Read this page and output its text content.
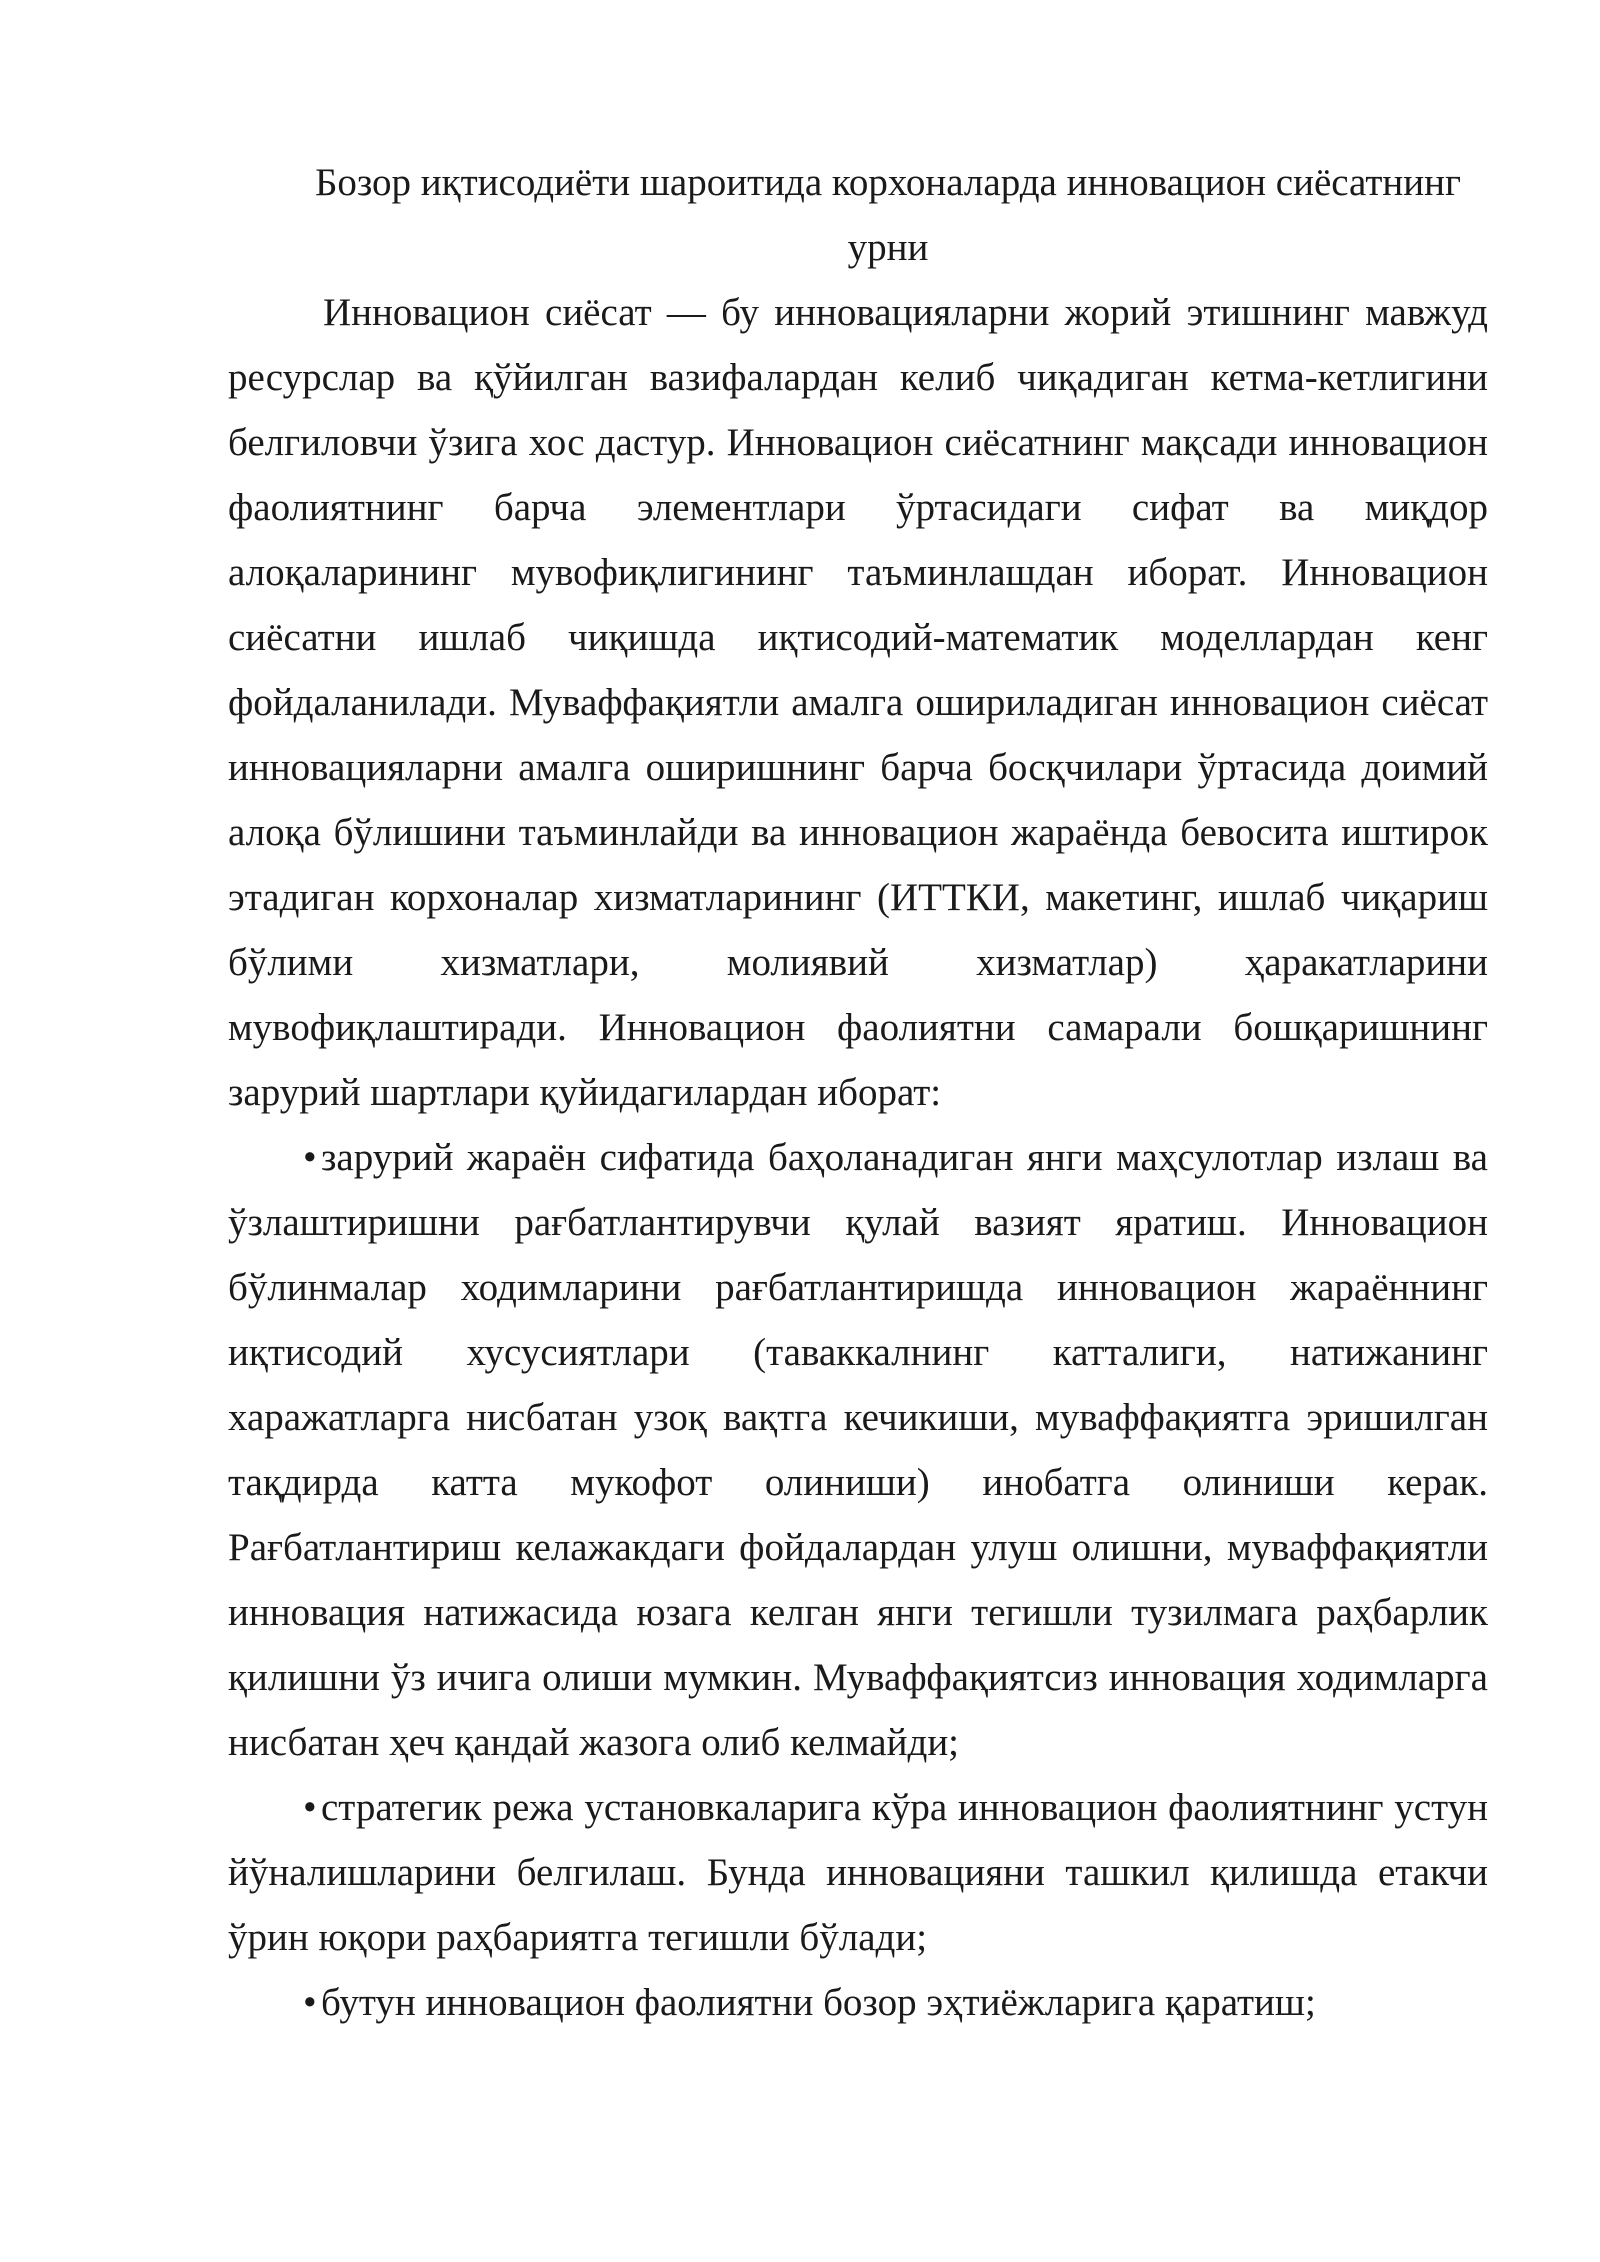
Бозор иқтисодиёти шароитида корхоналарда инновацион сиёсатнинг урни

Инновацион сиёсат — бу инновацияларни жорий этишнинг мавжуд ресурслар ва қўйилган вазифалардан келиб чиқадиган кетма-кетлигини белгиловчи ўзига хос дастур. Инновацион сиёсатнинг мақсади инновацион фаолиятнинг барча элементлари ўртасидаги сифат ва миқдор алоқаларининг мувофиқлигининг таъминлашдан иборат. Инновацион сиёсатни ишлаб чиқишда иқтисодий-математик моделлардан кенг фойдаланилади. Муваффақиятли амалга ошириладиган инновацион сиёсат инновацияларни амалга оширишнинг барча босқчилари ўртасида доимий алоқа бўлишини таъминлайди ва инновацион жараёнда бевосита иштирок этадиган корхоналар хизматларининг (ИТТКИ, макетинг, ишлаб чиқариш бўлими хизматлари, молиявий хизматлар) ҳаракатларини мувофиқлаштиради. Инновацион фаолиятни самарали бошқаришнинг зарурий шартлари қуйидагилардан иборат:

• зарурий жараён сифатида баҳоланадиган янги маҳсулотлар излаш ва ўзлаштиришни рағбатлантирувчи қулай вазият яратиш. Инновацион бўлинмалар ходимларини рағбатлантиришда инновацион жараённинг иқтисодий хусусиятлари (таваккалнинг катталиги, натижанинг харажатларга нисбатан узоқ вақтга кечикиши, муваффақиятга эришилган тақдирда катта мукофот олиниши) инобатга олиниши керак. Рағбатлантириш келажакдаги фойдалардан улуш олишни, муваффақиятли инновация натижасида юзага келган янги тегишли тузилмага раҳбарлик қилишни ўз ичига олиши мумкин. Муваффақиятсиз инновация ходимларга нисбатан ҳеч қандай жазога олиб келмайди;

• стратегик режа установкаларига кўра инновацион фаолиятнинг устун йўналишларини белгилаш. Бунда инновацияни ташкил қилишда етакчи ўрин юқори раҳбариятга тегишли бўлади;

• бутун инновацион фаолиятни бозор эҳтиёжларига қаратиш;
